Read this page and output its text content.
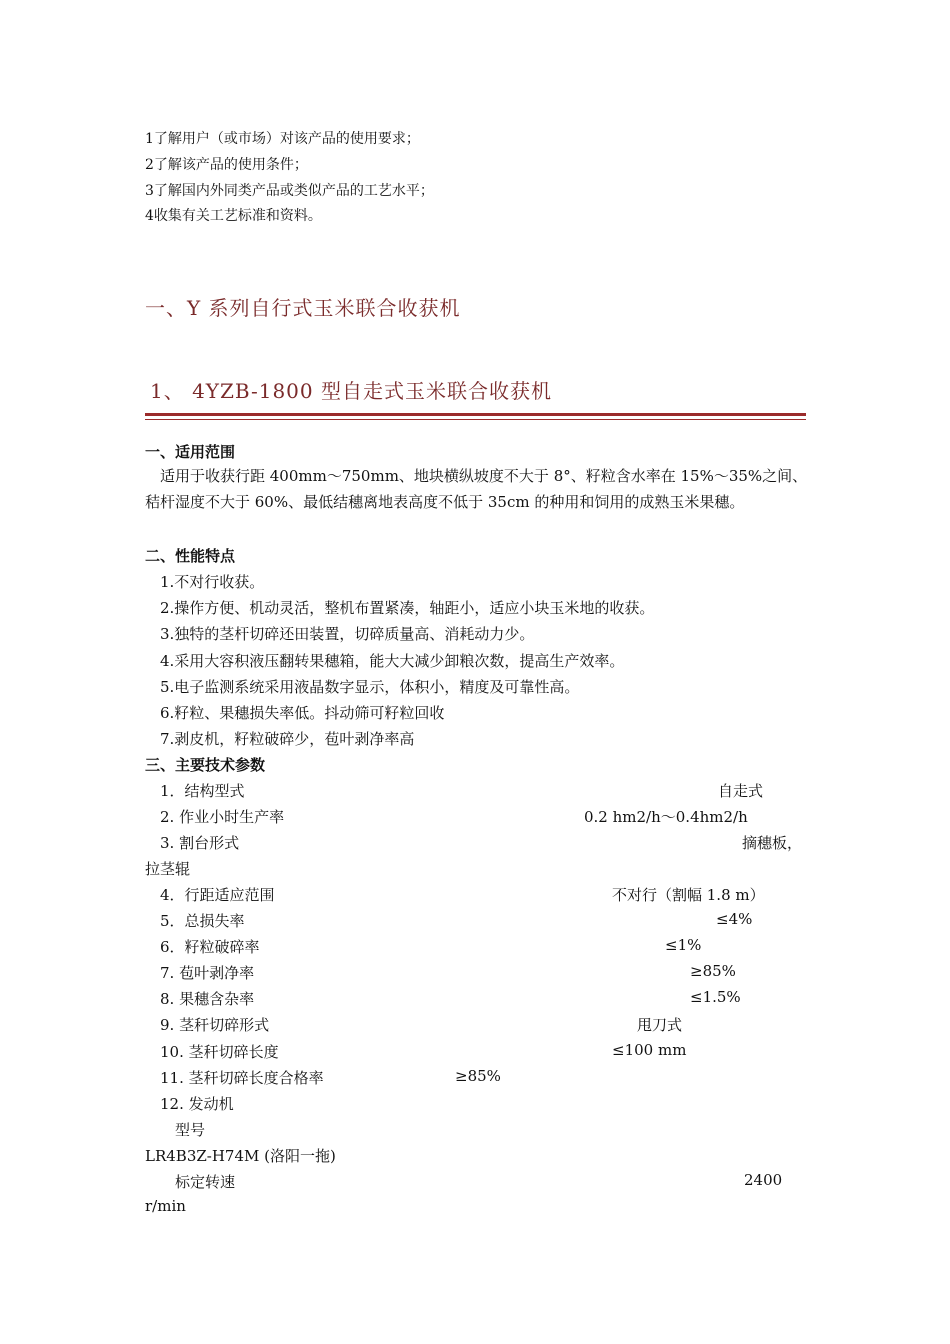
1了解用户（或市场）对该产品的使用要求；
2了解该产品的使用条件；
3了解国内外同类产品或类似产品的工艺水平；
4收集有关工艺标准和资料。
一、Y 系列自行式玉米联合收获机
1、 4YZB-1800 型自走式玉米联合收获机
一、适用范围
适用于收获行距 400mm～750mm、地块横纵坡度不大于 8°、籽粒含水率在 15%～35%之间、秸杆湿度不大于 60%、最低结穗离地表高度不低于 35cm 的种用和饲用的成熟玉米果穗。
二、性能特点
1.不对行收获。
2.操作方便、机动灵活，整机布置紧凑，轴距小，适应小块玉米地的收获。
3.独特的茎杆切碎还田装置，切碎质量高、消耗动力少。
4.采用大容积液压翻转果穗箱，能大大减少卸粮次数，提高生产效率。
5.电子监测系统采用液晶数字显示，体积小，精度及可靠性高。
6.籽粒、果穗损失率低。抖动筛可籽粒回收
7.剥皮机，籽粒破碎少，苞叶剥净率高
三、主要技术参数
1．结构型式	自走式
2. 作业小时生产率	0.2 hm2/h～0.4hm2/h
3. 割台形式	摘穗板，
拉茎辊
4．行距适应范围	不对行（割幅 1.8 m）
5．总损失率	≤4%
6．籽粒破碎率	≤1%
7. 苞叶剥净率	≥85%
8. 果穗含杂率	≤1.5%
9. 茎秆切碎形式	甩刀式
10. 茎秆切碎长度	≤100 mm
11. 茎秆切碎长度合格率	≥85%
12. 发动机
型号
LR4B3Z-H74M (洛阳一拖)
标定转速	2400
r/min
